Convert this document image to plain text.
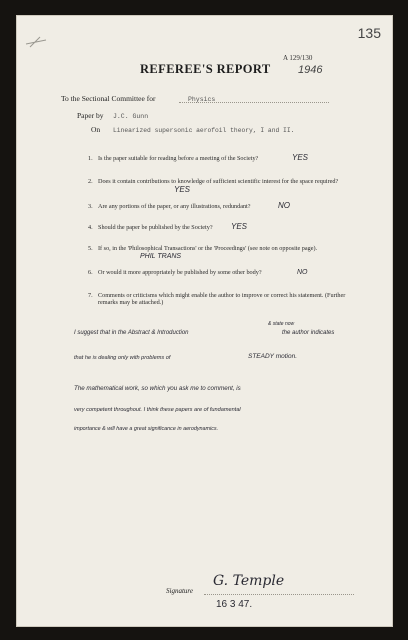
135
A 129/130
1946
REFEREE'S REPORT
To the Sectional Committee for	Physics
Paper by J.C. Gunn
On Linearized supersonic aerofoil theory, I and II.
1. Is the paper suitable for reading before a meeting of the Society?	YES
2. Does it contain contributions to knowledge of sufficient scientific interest for the space required?
YES
3. Are any portions of the paper, or any illustrations, redundant?	NO
4. Should the paper be published by the Society? YES
5. If so, in the 'Philosophical Transactions' or the 'Proceedings' (see note on opposite page).
PHIL TRANS
6. Or would it more appropriately be published by some other body?	NO
7. Comments or criticisms which might enable the author to improve or correct his statement. (Further remarks may be attached.)
& state now
I suggest that in the Abstract & Introduction	the author indicates
that he is dealing only with problems of	STEADY motion.
The mathematical work, so which you ask me to comment, is
very competent throughout. I think these papers are of fundamental
importance & will have a great significance in aerodynamics.
Signature
G. Temple
16 3 47.
